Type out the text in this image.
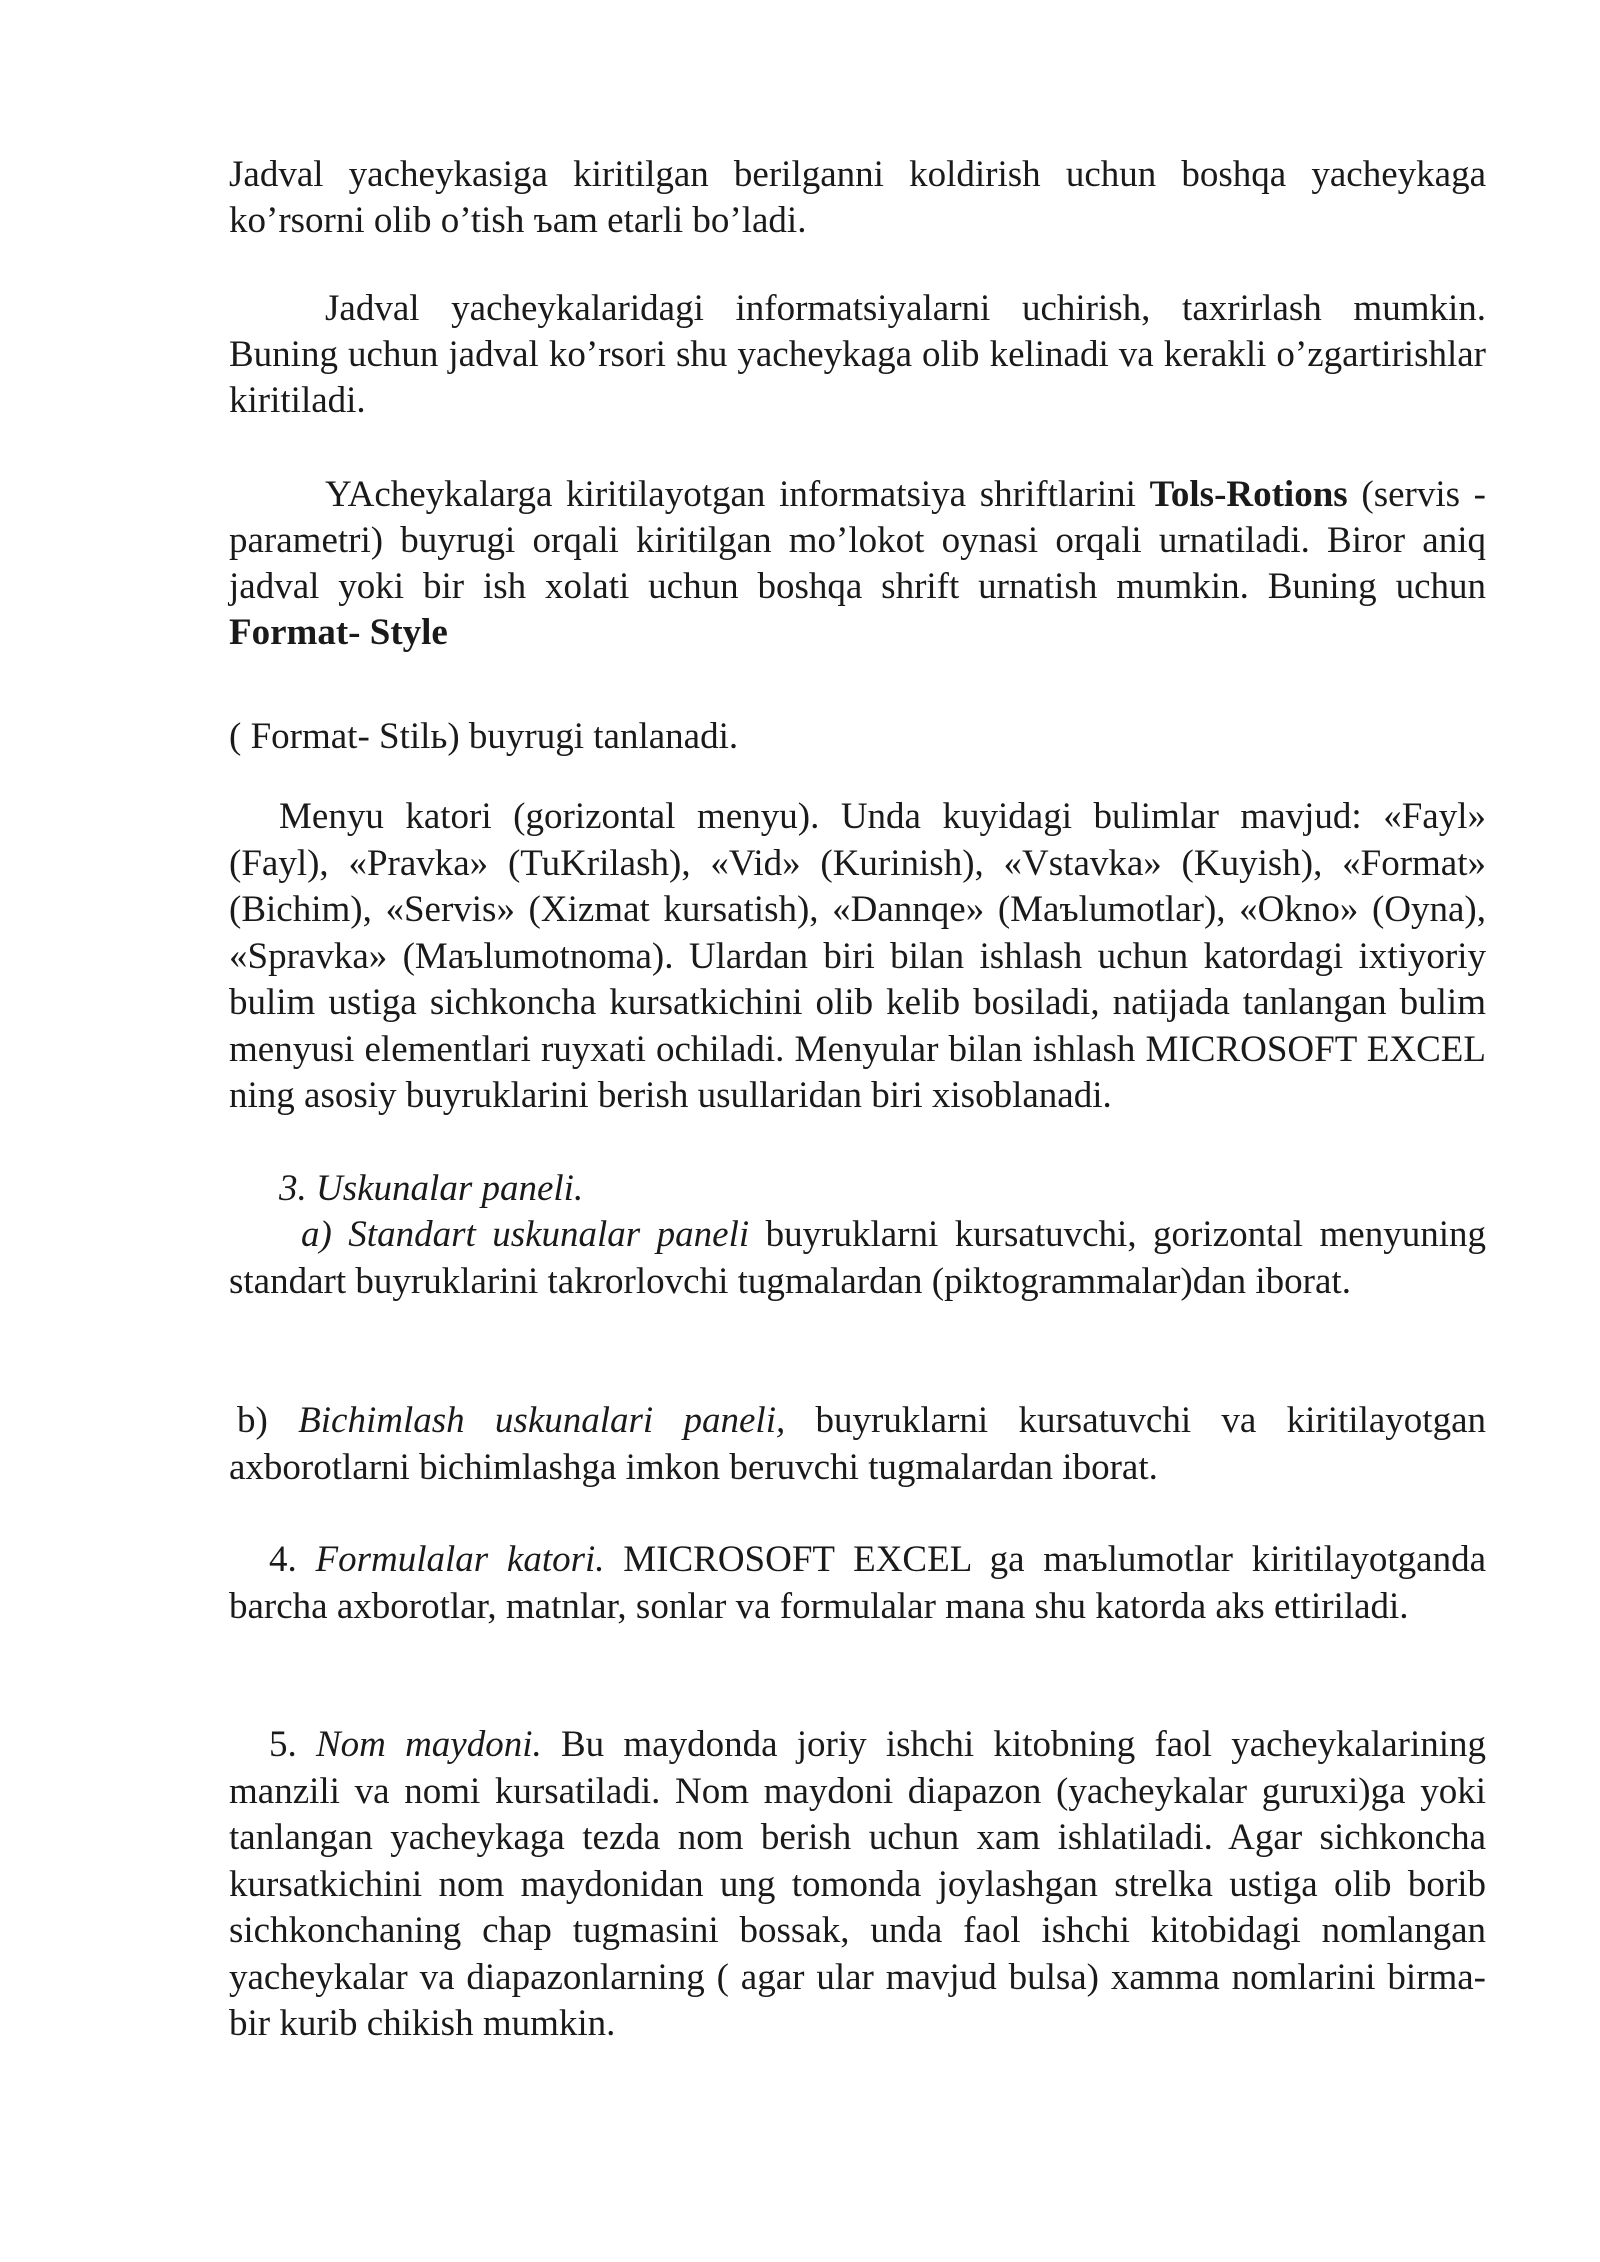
Jadval yacheykasiga kiritilgan berilganni koldirish uchun boshqa yacheykaga ko’rsorni olib o’tish ъam etarli bo’ladi.

Jadval yacheykalaridagi informatsiyalarni uchirish, taxrirlash mumkin. Buning uchun jadval ko’rsori shu yacheykaga olib kelinadi va kerakli o’zgartirishlar kiritiladi.

YAcheykalarga kiritilayotgan informatsiya shriftlarini Tols-Rotions (servis - parametri) buyrugi orqali kiritilgan mo’lokot oynasi orqali urnatiladi. Biror aniq jadval yoki bir ish xolati uchun boshqa shrift urnatish mumkin. Buning uchun Format- Style

( Format- Stilь) buyrugi tanlanadi.

Menyu katori (gorizontal menyu). Unda kuyidagi bulimlar mavjud: «Fayl» (Fayl), «Pravka» (TuKrilash), «Vid» (Kurinish), «Vstavka» (Kuyish), «Format» (Bichim), «Servis» (Xizmat kursatish), «Dannqe» (Maъlumotlar), «Okno» (Oyna), «Spravka» (Maъlumotnoma). Ulardan biri bilan ishlash uchun katordagi ixtiyoriy bulim ustiga sichkoncha kursatkichini olib kelib bosiladi, natijada tanlangan bulim menyusi elementlari ruyxati ochiladi. Menyular bilan ishlash MICROSOFT EXCEL ning asosiy buyruklarini berish usullaridan biri xisoblanadi.

3. Uskunalar paneli.

a) Standart uskunalar paneli buyruklarni kursatuvchi, gorizontal menyuning standart buyruklarini takrorlovchi tugmalardan (piktogrammalar)dan iborat.

b) Bichimlash uskunalari paneli, buyruklarni kursatuvchi va kiritilayotgan axborotlarni bichimlashga imkon beruvchi tugmalardan iborat.

4. Formulalar katori. MICROSOFT EXCEL ga maъlumotlar kiritilayotganda barcha axborotlar, matnlar, sonlar va formulalar mana shu katorda aks ettiriladi.

5. Nom maydoni. Bu maydonda joriy ishchi kitobning faol yacheykalarining manzili va nomi kursatiladi. Nom maydoni diapazon (yacheykalar guruxi)ga yoki tanlangan yacheykaga tezda nom berish uchun xam ishlatiladi. Agar sichkoncha kursatkichini nom maydonidan ung tomonda joylashgan strelka ustiga olib borib sichkonchaning chap tugmasini bossak, unda faol ishchi kitobidagi nomlangan yacheykalar va diapazonlarning ( agar ular mavjud bulsa) xamma nomlarini birma-bir kurib chikish mumkin.
